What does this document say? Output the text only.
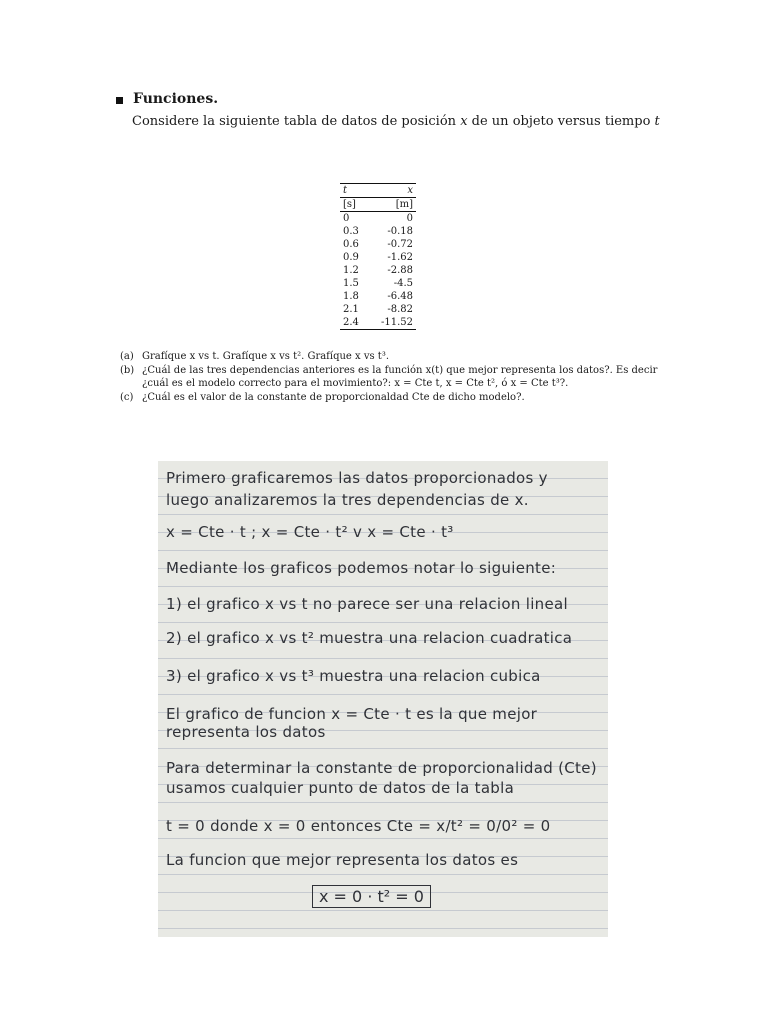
Funciones.
Considere la siguiente tabla de datos de posición x de un objeto versus tiempo t
t	x
[s]	[m]
0	0
0.3	-0.18
0.6	-0.72
0.9	-1.62
1.2	-2.88
1.5	-4.5
1.8	-6.48
2.1	-8.82
2.4	-11.52
(a) Grafíque x vs t. Grafíque x vs t². Grafíque x vs t³.
(b) ¿Cuál de las tres dependencias anteriores es la función x(t) que mejor representa los datos?. Es decir ¿cuál es el modelo correcto para el movimiento?: x = Cte t, x = Cte t², ó x = Cte t³?.
(c) ¿Cuál es el valor de la constante de proporcionaldad Cte de dicho modelo?.
Primero graficaremos las datos proporcionados y
luego analizaremos la tres dependencias de x.
x = Cte · t ; x = Cte · t² v x = Cte · t³
Mediante los graficos podemos notar lo siguiente:
1) el grafico x vs t no parece ser una relacion lineal
2) el grafico x vs t² muestra una relacion cuadratica
3) el grafico x vs t³ muestra una relacion cubica
El grafico de funcion x = Cte · t es la que mejor
representa los datos
Para determinar la constante de proporcionalidad (Cte)
usamos cualquier punto de datos de la tabla
t = 0 donde x = 0 entonces Cte = x/t² = 0/0² = 0
La funcion que mejor representa los datos es
x = 0 · t² = 0
